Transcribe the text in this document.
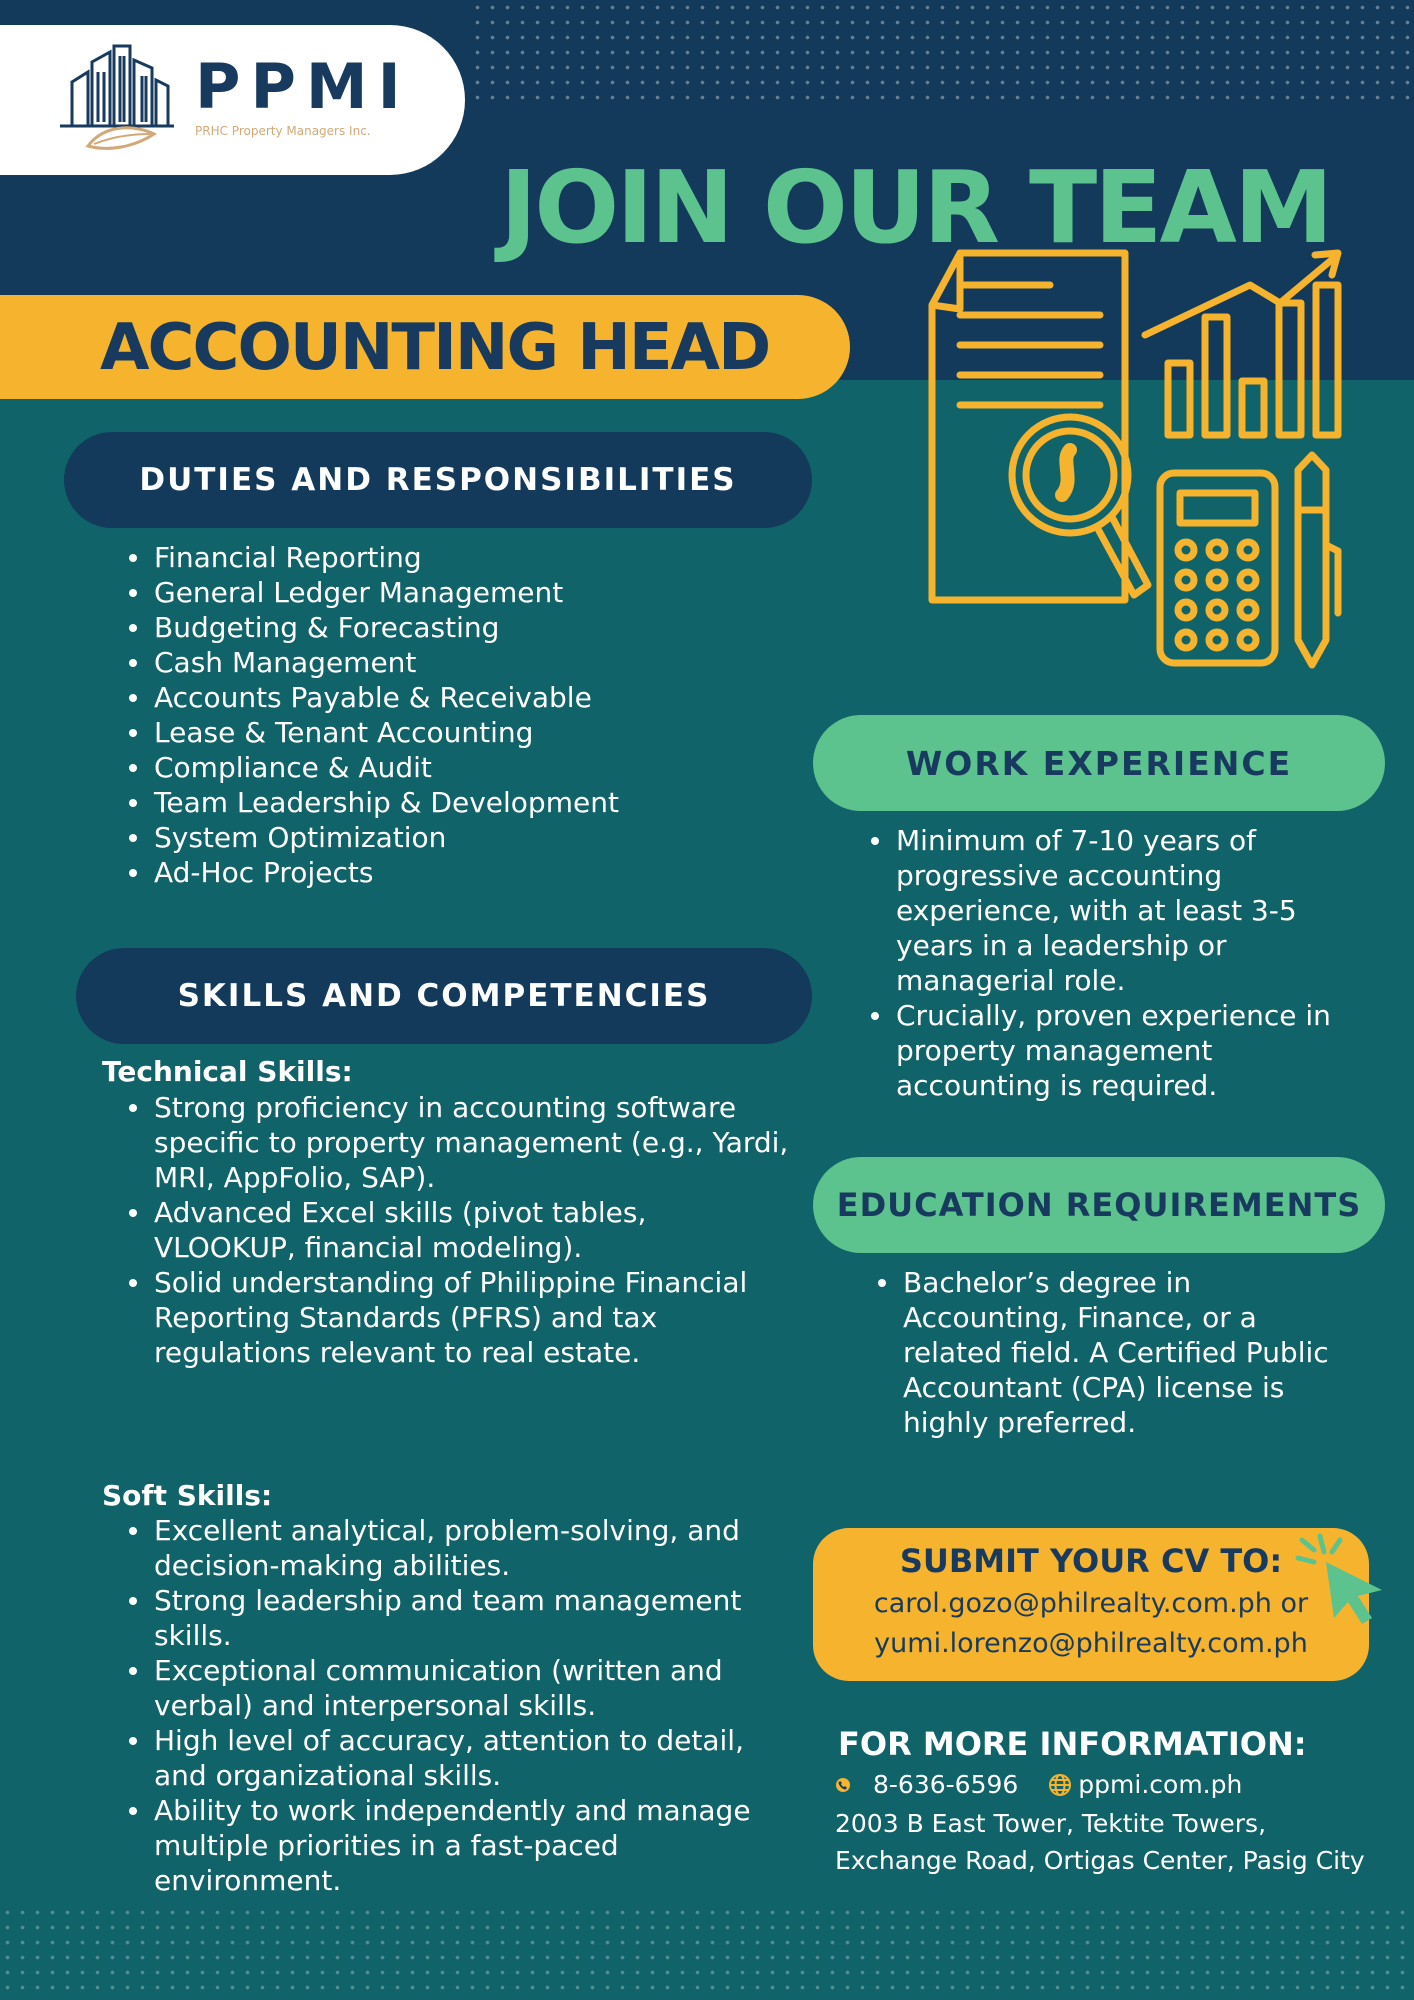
PPMI
PRHC Property Managers Inc.
JOIN OUR TEAM
ACCOUNTING HEAD
DUTIES AND RESPONSIBILITIES
Financial Reporting
General Ledger Management
Budgeting & Forecasting
Cash Management
Accounts Payable & Receivable
Lease & Tenant Accounting
Compliance & Audit
Team Leadership & Development
System Optimization
Ad-Hoc Projects
SKILLS AND COMPETENCIES
Technical Skills:
Strong proficiency in accounting software specific to property management (e.g., Yardi, MRI, AppFolio, SAP).
Advanced Excel skills (pivot tables, VLOOKUP, financial modeling).
Solid understanding of Philippine Financial Reporting Standards (PFRS) and tax regulations relevant to real estate.
Soft Skills:
Excellent analytical, problem-solving, and decision-making abilities.
Strong leadership and team management skills.
Exceptional communication (written and verbal) and interpersonal skills.
High level of accuracy, attention to detail, and organizational skills.
Ability to work independently and manage multiple priorities in a fast-paced environment.
WORK EXPERIENCE
Minimum of 7-10 years of progressive accounting experience, with at least 3-5 years in a leadership or managerial role.
Crucially, proven experience in property management accounting is required.
EDUCATION REQUIREMENTS
Bachelor’s degree in Accounting, Finance, or a related field. A Certified Public Accountant (CPA) license is highly preferred.
SUBMIT YOUR CV TO:
carol.gozo@philrealty.com.ph or
yumi.lorenzo@philrealty.com.ph
FOR MORE INFORMATION:
8-636-6596 ppmi.com.ph
2003 B East Tower, Tektite Towers,
Exchange Road, Ortigas Center, Pasig City
